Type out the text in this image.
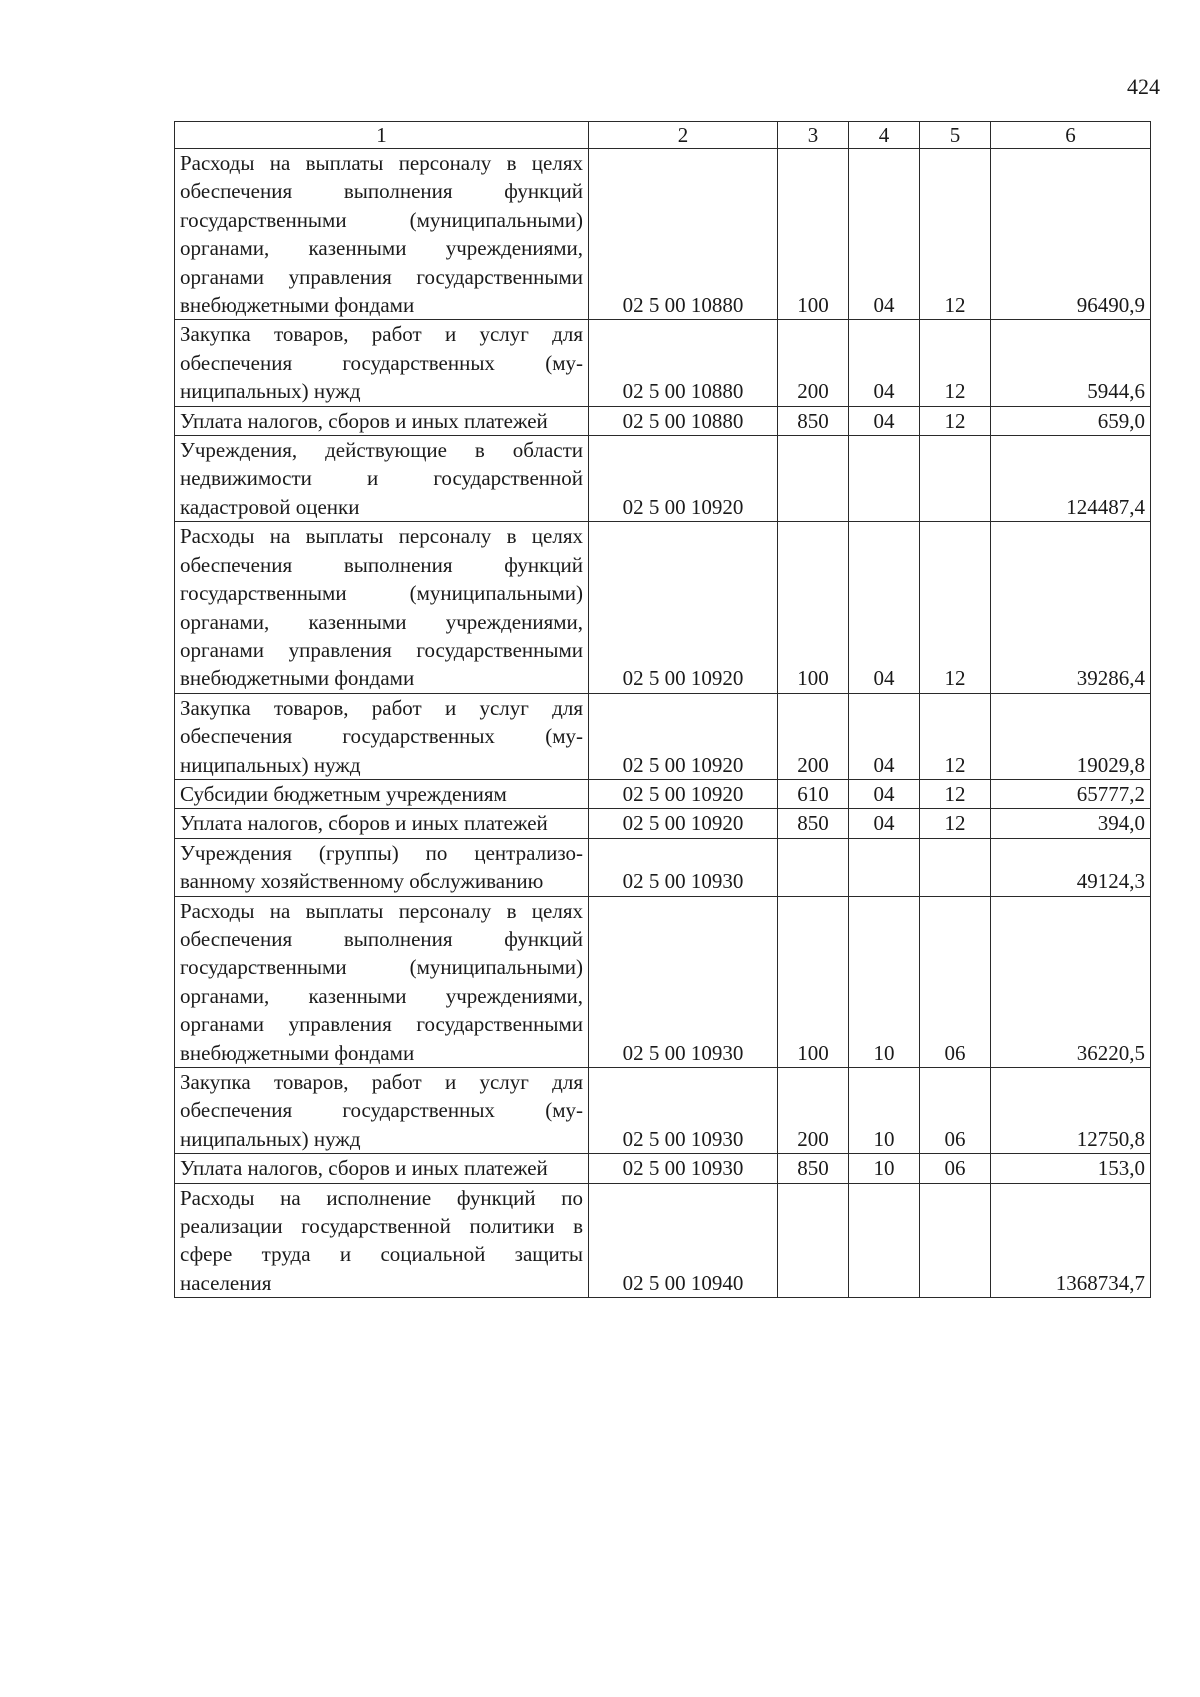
424
1	2	3	4	5	6
Расходы на выплаты персоналу в целях обеспечения выполнения функций государственными (муниципальными) органами, казенными учреждениями, органами управления государственными внебюджетными фондами	02 5 00 10880	100	04	12	96490,9
Закупка товаров, работ и услуг для обеспечения государственных (муниципальных) нужд	02 5 00 10880	200	04	12	5944,6
Уплата налогов, сборов и иных платежей	02 5 00 10880	850	04	12	659,0
Учреждения, действующие в области недвижимости и государственной кадастровой оценки	02 5 00 10920				124487,4
Расходы на выплаты персоналу в целях обеспечения выполнения функций государственными (муниципальными) органами, казенными учреждениями, органами управления государственными внебюджетными фондами	02 5 00 10920	100	04	12	39286,4
Закупка товаров, работ и услуг для обеспечения государственных (муниципальных) нужд	02 5 00 10920	200	04	12	19029,8
Субсидии бюджетным учреждениям	02 5 00 10920	610	04	12	65777,2
Уплата налогов, сборов и иных платежей	02 5 00 10920	850	04	12	394,0
Учреждения (группы) по централизованному хозяйственному обслуживанию	02 5 00 10930				49124,3
Расходы на выплаты персоналу в целях обеспечения выполнения функций государственными (муниципальными) органами, казенными учреждениями, органами управления государственными внебюджетными фондами	02 5 00 10930	100	10	06	36220,5
Закупка товаров, работ и услуг для обеспечения государственных (муниципальных) нужд	02 5 00 10930	200	10	06	12750,8
Уплата налогов, сборов и иных платежей	02 5 00 10930	850	10	06	153,0
Расходы на исполнение функций по реализации государственной политики в сфере труда и социальной защиты населения	02 5 00 10940				1368734,7
